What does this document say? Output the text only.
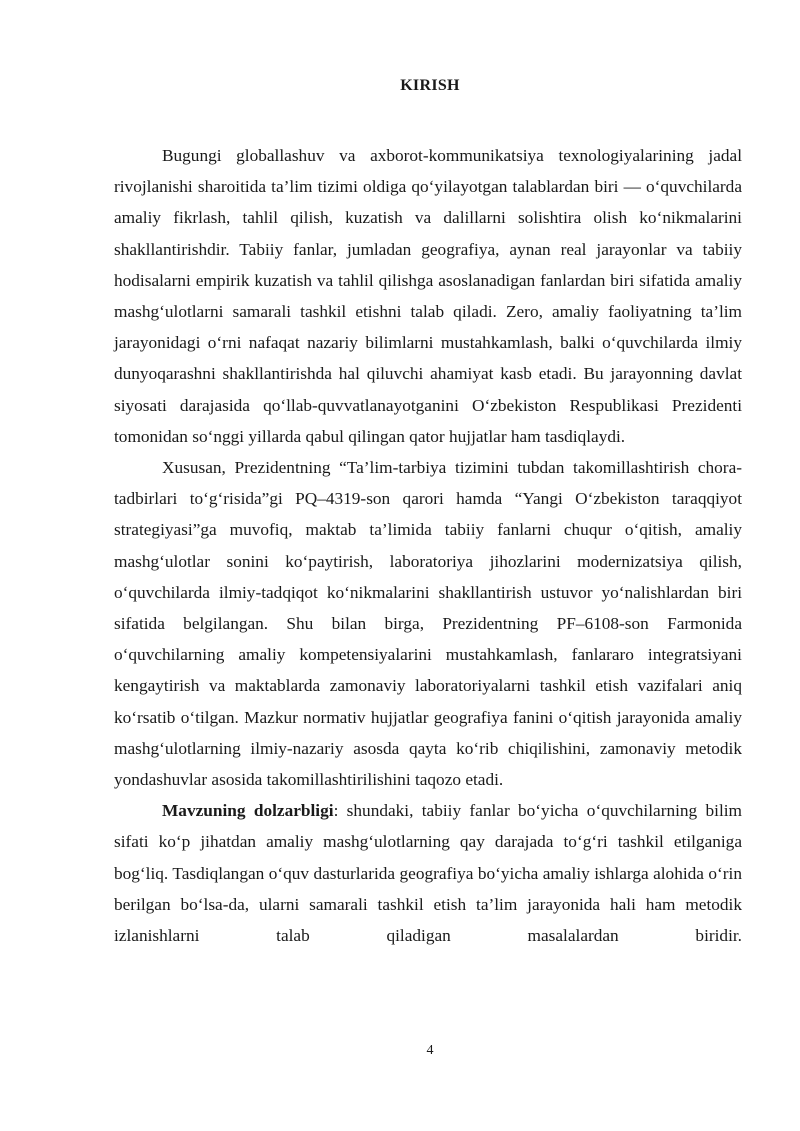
KIRISH

Bugungi globallashuv va axborot-kommunikatsiya texnologiyalarining jadal rivojlanishi sharoitida ta’lim tizimi oldiga qo‘yilayotgan talablardan biri — o‘quvchilarda amaliy fikrlash, tahlil qilish, kuzatish va dalillarni solishtira olish ko‘nikmalarini shakllantirishdir. Tabiiy fanlar, jumladan geografiya, aynan real jarayonlar va tabiiy hodisalarni empirik kuzatish va tahlil qilishga asoslanadigan fanlardan biri sifatida amaliy mashg‘ulotlarni samarali tashkil etishni talab qiladi. Zero, amaliy faoliyatning ta’lim jarayonidagi o‘rni nafaqat nazariy bilimlarni mustahkamlash, balki o‘quvchilarda ilmiy dunyoqarashni shakllantirishda hal qiluvchi ahamiyat kasb etadi. Bu jarayonning davlat siyosati darajasida qo‘llab-quvvatlanayotganini O‘zbekiston Respublikasi Prezidenti tomonidan so‘nggi yillarda qabul qilingan qator hujjatlar ham tasdiqlaydi.

Xususan, Prezidentning “Ta’lim-tarbiya tizimini tubdan takomillashtirish chora-tadbirlari to‘g‘risida”gi PQ–4319-son qarori hamda “Yangi O‘zbekiston taraqqiyot strategiyasi”ga muvofiq, maktab ta’limida tabiiy fanlarni chuqur o‘qitish, amaliy mashg‘ulotlar sonini ko‘paytirish, laboratoriya jihozlarini modernizatsiya qilish, o‘quvchilarda ilmiy-tadqiqot ko‘nikmalarini shakllantirish ustuvor yo‘nalishlardan biri sifatida belgilangan. Shu bilan birga, Prezidentning PF–6108-son Farmonida o‘quvchilarning amaliy kompetensiyalarini mustahkamlash, fanlararo integratsiyani kengaytirish va maktablarda zamonaviy laboratoriyalarni tashkil etish vazifalari aniq ko‘rsatib o‘tilgan. Mazkur normativ hujjatlar geografiya fanini o‘qitish jarayonida amaliy mashg‘ulotlarning ilmiy-nazariy asosda qayta ko‘rib chiqilishini, zamonaviy metodik yondashuvlar asosida takomillashtirilishini taqozo etadi.

Mavzuning dolzarbligi: shundaki, tabiiy fanlar bo‘yicha o‘quvchilarning bilim sifati ko‘p jihatdan amaliy mashg‘ulotlarning qay darajada to‘g‘ri tashkil etilganiga bog‘liq. Tasdiqlangan o‘quv dasturlarida geografiya bo‘yicha amaliy ishlarga alohida o‘rin berilgan bo‘lsa-da, ularni samarali tashkil etish ta’lim jarayonida hali ham metodik izlanishlarni talab qiladigan masalalardan biridir.

4
